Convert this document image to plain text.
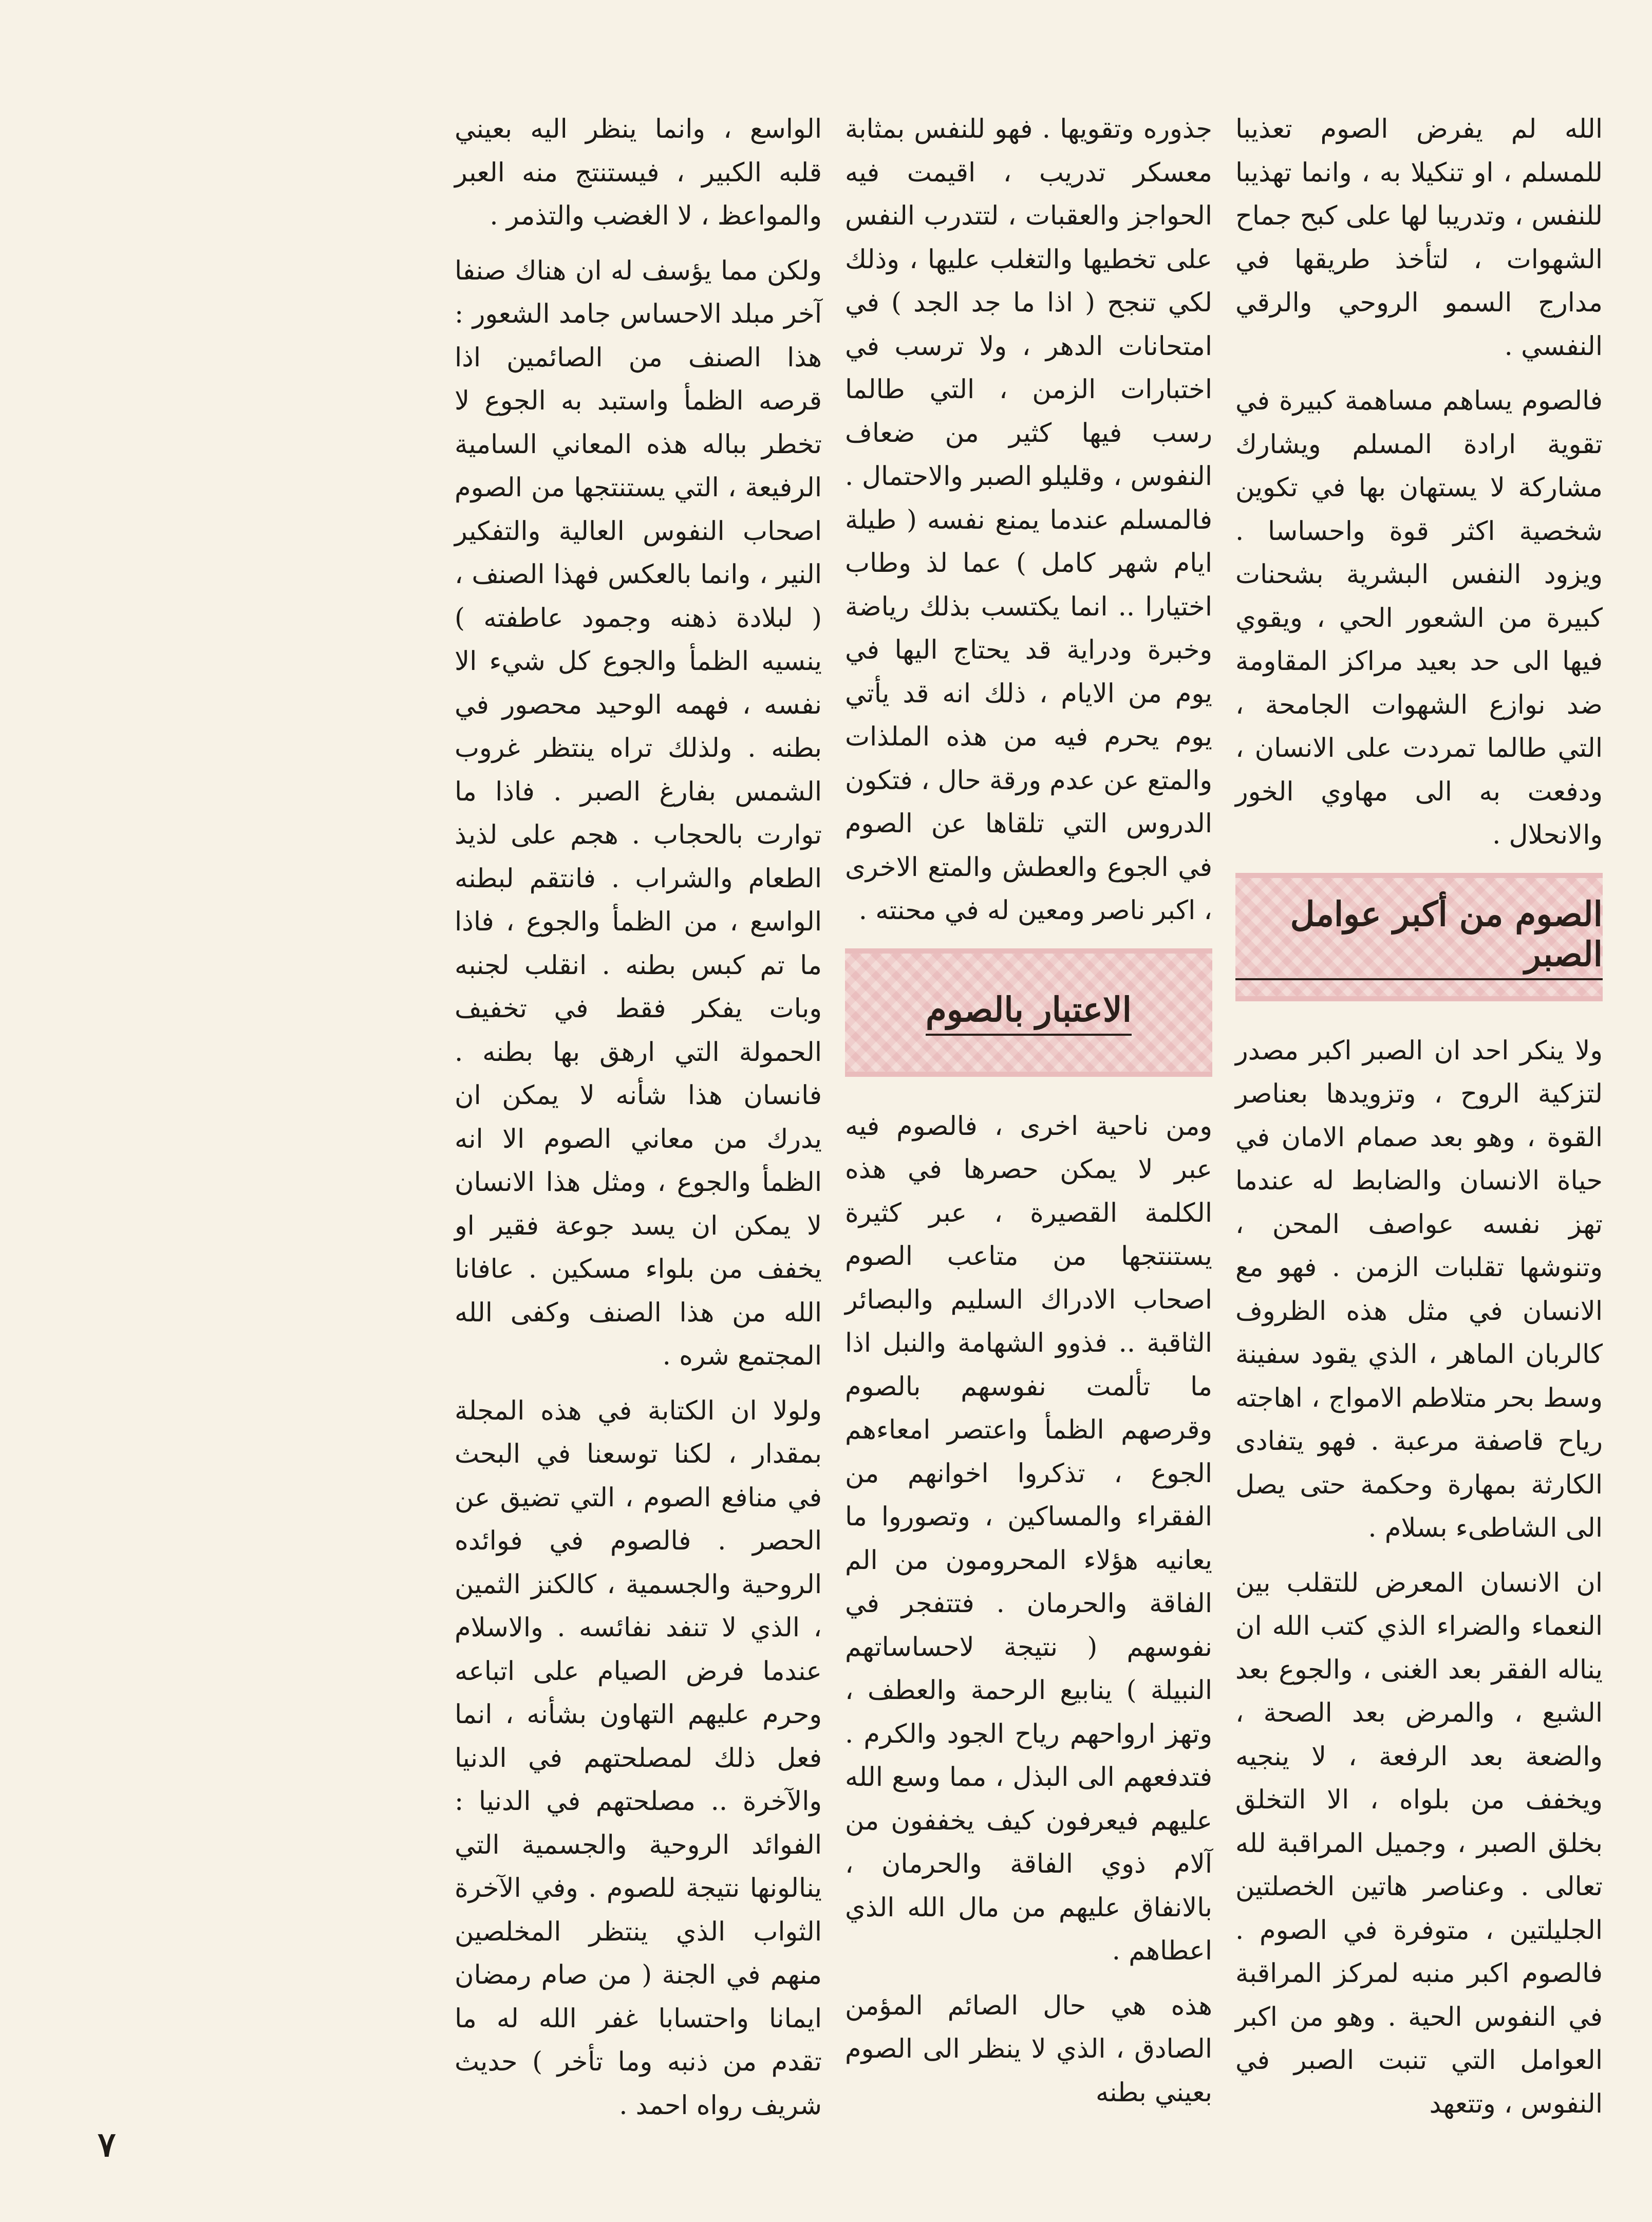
الله لم يفرض الصوم تعذيبا للمسلم ، او تنكيلا به ، وانما تهذيبا للنفس ، وتدريبا لها على كبح جماح الشهوات ، لتأخذ طريقها في مدارج السمو الروحي والرقي النفسي .

فالصوم يساهم مساهمة كبيرة في تقوية ارادة المسلم ويشارك مشاركة لا يستهان بها في تكوين شخصية اكثر قوة واحساسا . ويزود النفس البشرية بشحنات كبيرة من الشعور الحي ، ويقوي فيها الى حد بعيد مراكز المقاومة ضد نوازع الشهوات الجامحة ، التي طالما تمردت على الانسان ، ودفعت به الى مهاوي الخور والانحلال .

الصوم من أكبر عوامل الصبر

ولا ينكر احد ان الصبر اكبر مصدر لتزكية الروح ، وتزويدها بعناصر القوة ، وهو بعد صمام الامان في حياة الانسان والضابط له عندما تهز نفسه عواصف المحن ، وتنوشها تقلبات الزمن . فهو مع الانسان في مثل هذه الظروف كالربان الماهر ، الذي يقود سفينة وسط بحر متلاطم الامواج ، اهاجته رياح قاصفة مرعبة . فهو يتفادى الكارثة بمهارة وحكمة حتى يصل الى الشاطىء بسلام .

ان الانسان المعرض للتقلب بين النعماء والضراء الذي كتب الله ان يناله الفقر بعد الغنى ، والجوع بعد الشبع ، والمرض بعد الصحة ، والضعة بعد الرفعة ، لا ينجيه ويخفف من بلواه ، الا التخلق بخلق الصبر ، وجميل المراقبة لله تعالى . وعناصر هاتين الخصلتين الجليلتين ، متوفرة في الصوم . فالصوم اكبر منبه لمركز المراقبة في النفوس الحية . وهو من اكبر العوامل التي تنبت الصبر في النفوس ، وتتعهد

جذوره وتقويها . فهو للنفس بمثابة معسكر تدريب ، اقيمت فيه الحواجز والعقبات ، لتتدرب النفس على تخطيها والتغلب عليها ، وذلك لكي تنجح ( اذا ما جد الجد ) في امتحانات الدهر ، ولا ترسب في اختبارات الزمن ، التي طالما رسب فيها كثير من ضعاف النفوس ، وقليلو الصبر والاحتمال . فالمسلم عندما يمنع نفسه ( طيلة ايام شهر كامل ) عما لذ وطاب اختيارا .. انما يكتسب بذلك رياضة وخبرة ودراية قد يحتاج اليها في يوم من الايام ، ذلك انه قد يأتي يوم يحرم فيه من هذه الملذات والمتع عن عدم ورقة حال ، فتكون الدروس التي تلقاها عن الصوم في الجوع والعطش والمتع الاخرى ، اكبر ناصر ومعين له في محنته .

الاعتبار بالصوم

ومن ناحية اخرى ، فالصوم فيه عبر لا يمكن حصرها في هذه الكلمة القصيرة ، عبر كثيرة يستنتجها من متاعب الصوم اصحاب الادراك السليم والبصائر الثاقبة .. فذوو الشهامة والنبل اذا ما تألمت نفوسهم بالصوم وقرصهم الظمأ واعتصر امعاءهم الجوع ، تذكروا اخوانهم من الفقراء والمساكين ، وتصوروا ما يعانيه هؤلاء المحرومون من الم الفاقة والحرمان . فتتفجر في نفوسهم ( نتيجة لاحساساتهم النبيلة ) ينابيع الرحمة والعطف ، وتهز ارواحهم رياح الجود والكرم . فتدفعهم الى البذل ، مما وسع الله عليهم فيعرفون كيف يخففون من آلام ذوي الفاقة والحرمان ، بالانفاق عليهم من مال الله الذي اعطاهم .

هذه هي حال الصائم المؤمن الصادق ، الذي لا ينظر الى الصوم بعيني بطنه

الواسع ، وانما ينظر اليه بعيني قلبه الكبير ، فيستنتج منه العبر والمواعظ ، لا الغضب والتذمر .

ولكن مما يؤسف له ان هناك صنفا آخر مبلد الاحساس جامد الشعور : هذا الصنف من الصائمين اذا قرصه الظمأ واستبد به الجوع لا تخطر بباله هذه المعاني السامية الرفيعة ، التي يستنتجها من الصوم اصحاب النفوس العالية والتفكير النير ، وانما بالعكس فهذا الصنف ، ( لبلادة ذهنه وجمود عاطفته ) ينسيه الظمأ والجوع كل شيء الا نفسه ، فهمه الوحيد محصور في بطنه . ولذلك تراه ينتظر غروب الشمس بفارغ الصبر . فاذا ما توارت بالحجاب . هجم على لذيذ الطعام والشراب . فانتقم لبطنه الواسع ، من الظمأ والجوع ، فاذا ما تم كبس بطنه . انقلب لجنبه وبات يفكر فقط في تخفيف الحمولة التي ارهق بها بطنه . فانسان هذا شأنه لا يمكن ان يدرك من معاني الصوم الا انه الظمأ والجوع ، ومثل هذا الانسان لا يمكن ان يسد جوعة فقير او يخفف من بلواء مسكين . عافانا الله من هذا الصنف وكفى الله المجتمع شره .

ولولا ان الكتابة في هذه المجلة بمقدار ، لكنا توسعنا في البحث في منافع الصوم ، التي تضيق عن الحصر . فالصوم في فوائده الروحية والجسمية ، كالكنز الثمين ، الذي لا تنفد نفائسه . والاسلام عندما فرض الصيام على اتباعه وحرم عليهم التهاون بشأنه ، انما فعل ذلك لمصلحتهم في الدنيا والآخرة .. مصلحتهم في الدنيا : الفوائد الروحية والجسمية التي ينالونها نتيجة للصوم . وفي الآخرة الثواب الذي ينتظر المخلصين منهم في الجنة ( من صام رمضان ايمانا واحتسابا غفر الله له ما تقدم من ذنبه وما تأخر ) حديث شريف رواه احمد .

٧
